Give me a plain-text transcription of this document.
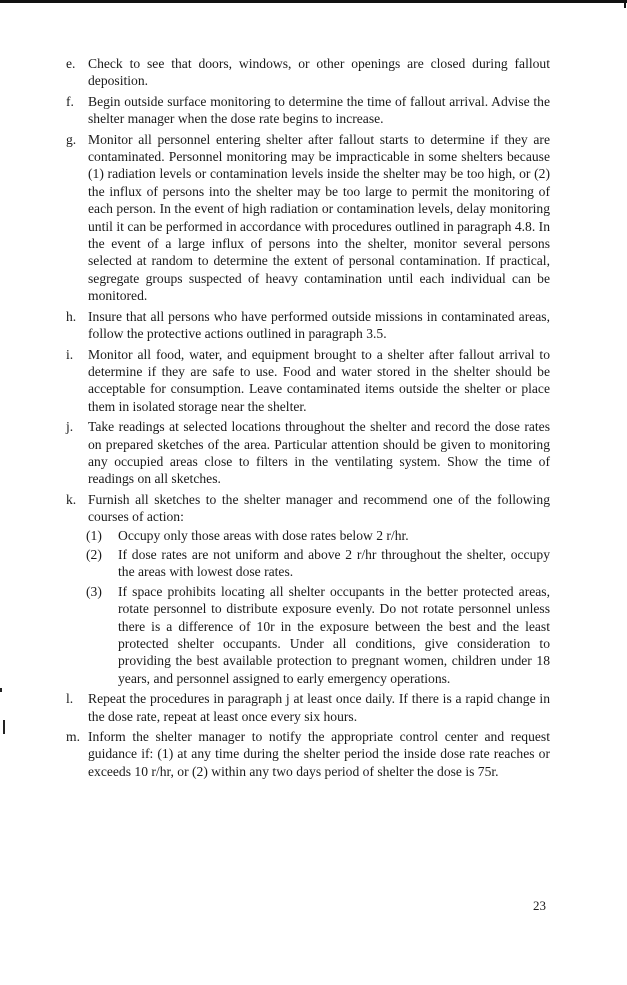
e. Check to see that doors, windows, or other openings are closed during fallout deposition.
f. Begin outside surface monitoring to determine the time of fallout arrival. Advise the shelter manager when the dose rate begins to increase.
g. Monitor all personnel entering shelter after fallout starts to determine if they are contaminated. Personnel monitoring may be impracticable in some shelters because (1) radiation levels or contamination levels inside the shelter may be too high, or (2) the influx of persons into the shelter may be too large to permit the monitoring of each person. In the event of high radiation or contamination levels, delay monitoring until it can be performed in accordance with procedures outlined in paragraph 4.8. In the event of a large influx of persons into the shelter, monitor several persons selected at random to determine the extent of personal contamination. If practical, segregate groups suspected of heavy contamination until each individual can be monitored.
h. Insure that all persons who have performed outside missions in contaminated areas, follow the protective actions outlined in paragraph 3.5.
i. Monitor all food, water, and equipment brought to a shelter after fallout arrival to determine if they are safe to use. Food and water stored in the shelter should be acceptable for consumption. Leave contaminated items outside the shelter or place them in isolated storage near the shelter.
j. Take readings at selected locations throughout the shelter and record the dose rates on prepared sketches of the area. Particular attention should be given to monitoring any occupied areas close to filters in the ventilating system. Show the time of readings on all sketches.
k. Furnish all sketches to the shelter manager and recommend one of the following courses of action:
(1) Occupy only those areas with dose rates below 2 r/hr.
(2) If dose rates are not uniform and above 2 r/hr throughout the shelter, occupy the areas with lowest dose rates.
(3) If space prohibits locating all shelter occupants in the better protected areas, rotate personnel to distribute exposure evenly. Do not rotate personnel unless there is a difference of 10r in the exposure between the best and the least protected shelter occupants. Under all conditions, give consideration to providing the best available protection to pregnant women, children under 18 years, and personnel assigned to early emergency operations.
l. Repeat the procedures in paragraph j at least once daily. If there is a rapid change in the dose rate, repeat at least once every six hours.
m. Inform the shelter manager to notify the appropriate control center and request guidance if: (1) at any time during the shelter period the inside dose rate reaches or exceeds 10 r/hr, or (2) within any two days period of shelter the dose is 75r.
23
